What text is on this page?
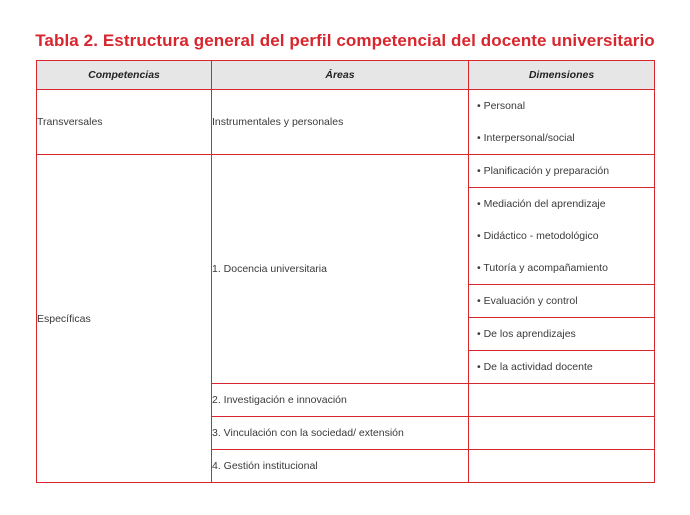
Tabla 2. Estructura general del perfil competencial del docente universitario
Competencias	Áreas	Dimensiones
Transversales	Instrumentales y personales	• Personal
• Interpersonal/social

Específicas	1. Docencia universitaria	• Planificación y preparación

		• Mediación del aprendizaje
• Didáctico - metodológico
• Tutoría y acompañamiento

		• Evaluación y control

		• De los aprendizajes

		• De la actividad docente

	2. Investigación e innovación	
	3. Vinculación con la sociedad/ extensión	
	4. Gestión institucional	
